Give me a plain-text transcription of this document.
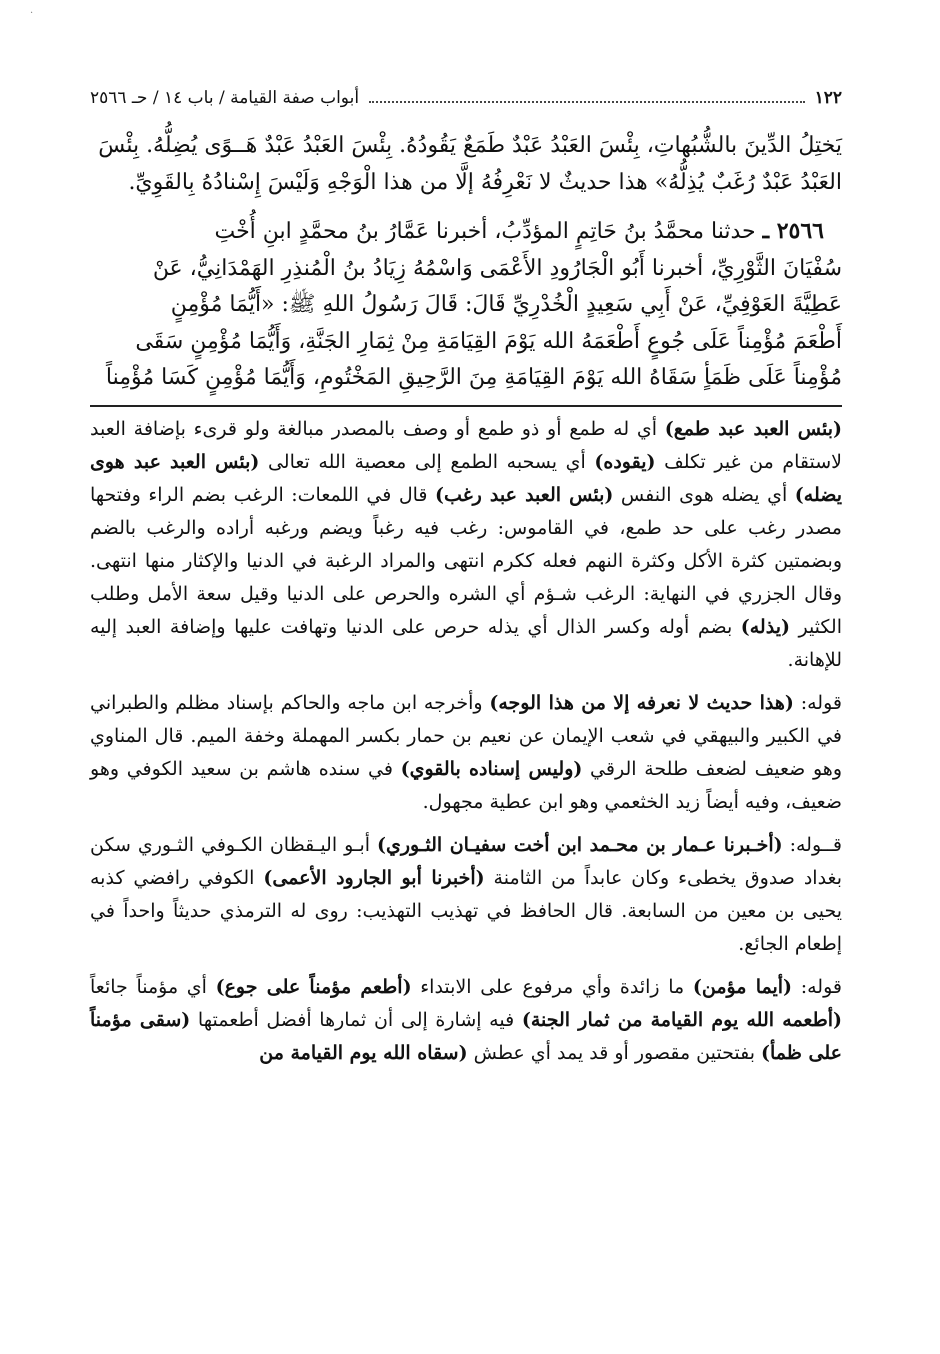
·
١٢٢
أبواب صفة القيامة / باب ١٤ / حـ ٢٥٦٦

يَختِلُ الدِّينَ بالشُّبُهاتِ، بِئْسَ العَبْدُ عَبْدٌ طَمَعٌ يَقُودُهُ. بِئْسَ العَبْدُ عَبْدٌ هَــوًى يُضِلُّهُ. بِئْسَ

العَبْدُ عَبْدٌ رُغَبٌ يُذِلُّهُ» هذا حديثٌ لا نَعْرِفُهُ إلَّا من هذا الْوَجْهِ وَلَيْسَ إِسْنادُهُ بِالقَوِيِّ.

٢٥٦٦ ـ حدثنا محمَّدُ بنُ حَاتِمٍ المؤدِّبُ، أخبرنا عَمَّارُ بنُ محمَّدٍ ابنِ أُخْتِ

سُفْيَانَ الثَّوْرِيِّ، أخبرنا أَبُو الْجَارُودِ الأَعْمَى وَاسْمُهُ زِيَادُ بنُ الْمُنذِرِ الهَمْدَانِيُّ، عَنْ

عَطِيَّةَ العَوْفِيِّ، عَنْ أَبِي سَعِيدٍ الْخُدْرِيِّ قَالَ: قَالَ رَسُولُ اللهِ ﷺ: «أَيُّمَا مُؤْمِنٍ

أَطْعَمَ مُؤْمِناً عَلَى جُوعٍ أَطْعَمَهُ الله يَوْمَ القِيَامَةِ مِنْ ثِمَارِ الجَنَّةِ، وَأَيُّمَا مُؤْمِنٍ سَقَى

مُؤْمِناً عَلَى ظَمَأٍ سَقَاهُ الله يَوْمَ القِيَامَةِ مِنَ الرَّحِيقِ المَخْتُومِ، وَأَيُّمَا مُؤْمِنٍ كَسَا مُؤْمِناً

(بئس العبد عبد طمع) أي له طمع أو ذو طمع أو وصف بالمصدر مبالغة ولو قرىء بإضافة العبد لاستقام من غير تكلف (يقوده) أي يسحبه الطمع إلى معصية الله تعالى (بئس العبد عبد هوى يضله) أي يضله هوى النفس (بئس العبد عبد رغب) قال في اللمعات: الرغب بضم الراء وفتحها مصدر رغب على حد طمع، في القاموس: رغب فيه رغباً ويضم ورغبه أراده والرغب بالضم وبضمتين كثرة الأكل وكثرة النهم فعله ككرم انتهى والمراد الرغبة في الدنيا والإكثار منها انتهى. وقال الجزري في النهاية: الرغب شـؤم أي الشره والحرص على الدنيا وقيل سعة الأمل وطلب الكثير (يذله) بضم أوله وكسر الذال أي يذله حرص على الدنيا وتهافت عليها وإضافة العبد إليه للإهانة.

قوله: (هذا حديث لا نعرفه إلا من هذا الوجه) وأخرجه ابن ماجه والحاكم بإسناد مظلم والطبراني في الكبير والبيهقي في شعب الإيمان عن نعيم بن حمار بكسر المهملة وخفة الميم. قال المناوي وهو ضعيف لضعف طلحة الرقي (وليس إسناده بالقوي) في سنده هاشم بن سعيد الكوفي وهو ضعيف، وفيه أيضاً زيد الخثعمي وهو ابن عطية مجهول.

قــوله: (أخـبرنا عـمار بن محـمد ابن أخت سفيـان الثـوري) أبـو اليـقظان الكـوفي الثـوري سكن بغداد صدوق يخطىء وكان عابداً من الثامنة (أخبرنا أبو الجارود الأعمى) الكوفي رافضي كذبه يحيى بن معين من السابعة. قال الحافظ في تهذيب التهذيب: روى له الترمذي حديثاً واحداً في إطعام الجائع.

قوله: (أيما مؤمن) ما زائدة وأي مرفوع على الابتداء (أطعم مؤمناً على جوع) أي مؤمناً جائعاً (أطعمه الله يوم القيامة من ثمار الجنة) فيه إشارة إلى أن ثمارها أفضل أطعمتها (سقى مؤمناً على ظمأ) بفتحتين مقصور أو قد يمد أي عطش (سقاه الله يوم القيامة من
